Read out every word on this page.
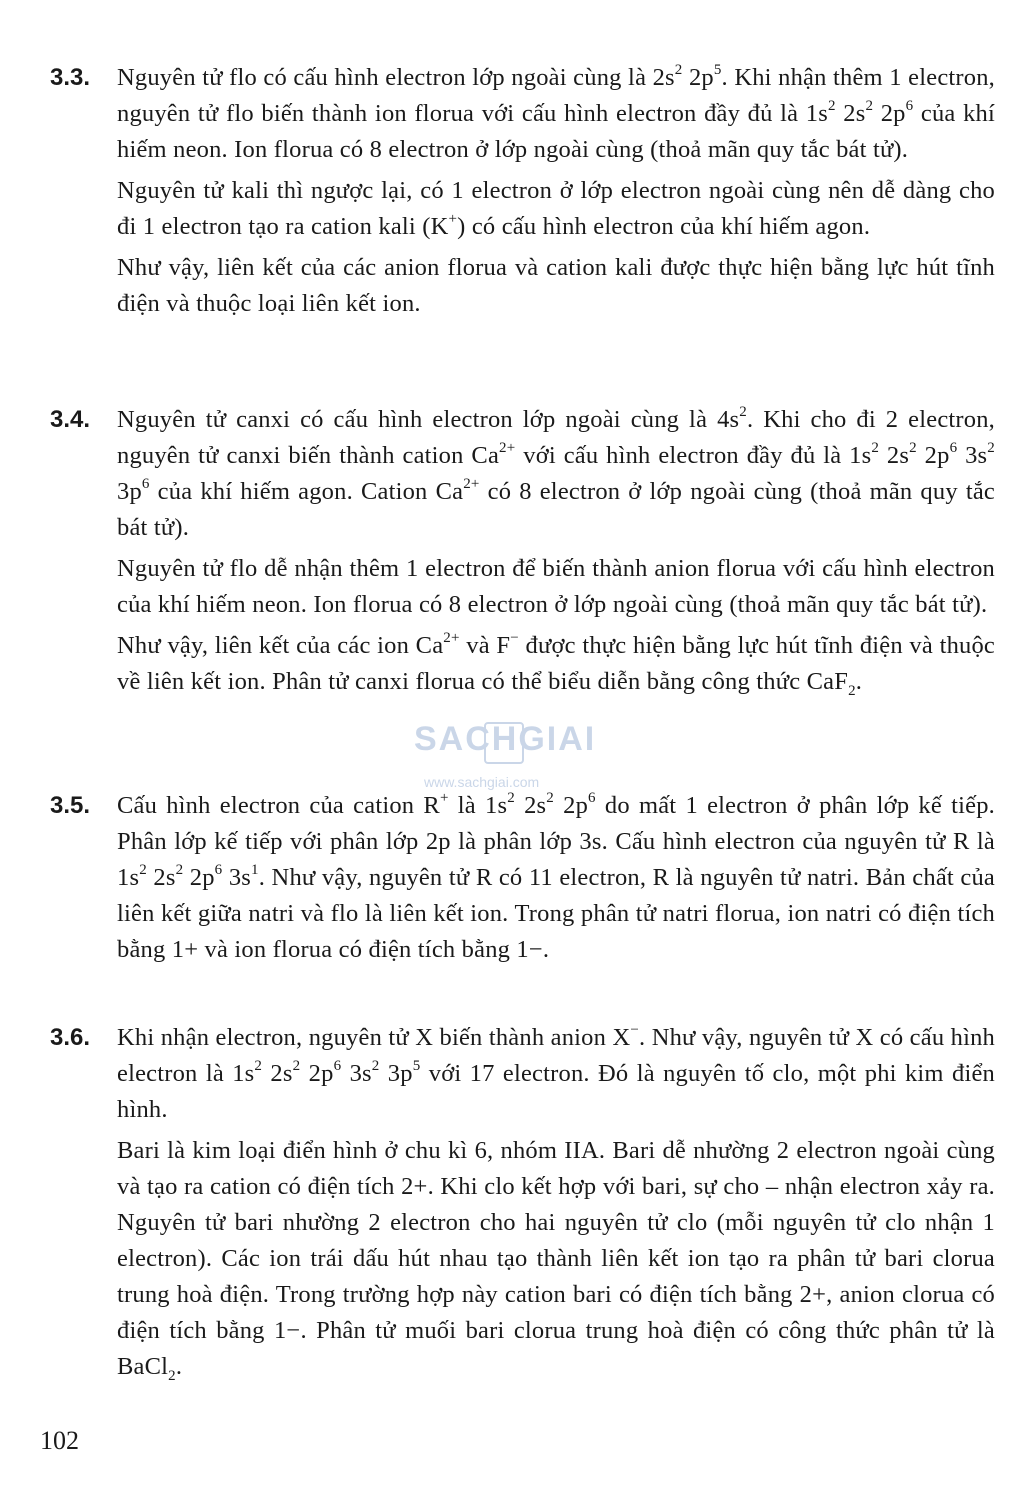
3.3.	Nguyên tử flo có cấu hình electron lớp ngoài cùng là $2s^2$ $2p^5$. Khi nhận thêm 1 electron, nguyên tử flo biến thành ion florua với cấu hình electron đầy đủ là $1s^2$ $2s^2$ $2p^6$ của khí hiếm neon. Ion florua có 8 electron ở lớp ngoài cùng (thoả mãn quy tắc bát tử).

Nguyên tử kali thì ngược lại, có 1 electron ở lớp electron ngoài cùng nên dễ dàng cho đi 1 electron tạo ra cation kali (K+) có cấu hình electron của khí hiếm agon.

Như vậy, liên kết của các anion florua và cation kali được thực hiện bằng lực hút tĩnh điện và thuộc loại liên kết ion.

3.4.	Nguyên tử canxi có cấu hình electron lớp ngoài cùng là $4s^2$. Khi cho đi 2 electron, nguyên tử canxi biến thành cation $Ca^{2+}$ với cấu hình electron đầy đủ là $1s^2$ $2s^2$ $2p^6$ $3s^2$ $3p^6$ của khí hiếm agon. Cation $Ca^{2+}$ có 8 electron ở lớp ngoài cùng (thoả mãn quy tắc bát tử).

Nguyên tử flo dễ nhận thêm 1 electron để biến thành anion florua với cấu hình electron của khí hiếm neon. Ion florua có 8 electron ở lớp ngoài cùng (thoả mãn quy tắc bát tử).

Như vậy, liên kết của các ion $Ca^{2+}$ và F− được thực hiện bằng lực hút tĩnh điện và thuộc về liên kết ion. Phân tử canxi florua có thể biểu diễn bằng công thức CaF$_2$.

3.5.	Cấu hình electron của cation R+ là $1s^2$ $2s^2$ $2p^6$ do mất 1 electron ở phân lớp kế tiếp. Phân lớp kế tiếp với phân lớp 2p là phân lớp 3s. Cấu hình electron của nguyên tử R là $1s^2$ $2s^2$ $2p^6$ $3s^1$. Như vậy, nguyên tử R có 11 electron, R là nguyên tử natri. Bản chất của liên kết giữa natri và flo là liên kết ion. Trong phân tử natri florua, ion natri có điện tích bằng 1+ và ion florua có điện tích bằng 1−.

3.6.	Khi nhận electron, nguyên tử X biến thành anion X−. Như vậy, nguyên tử X có cấu hình electron là $1s^2$ $2s^2$ $2p^6$ $3s^2$ $3p^5$ với 17 electron. Đó là nguyên tố clo, một phi kim điển hình.

Bari là kim loại điển hình ở chu kì 6, nhóm IIA. Bari dễ nhường 2 electron ngoài cùng và tạo ra cation có điện tích 2+. Khi clo kết hợp với bari, sự cho – nhận electron xảy ra. Nguyên tử bari nhường 2 electron cho hai nguyên tử clo (mỗi nguyên tử clo nhận 1 electron). Các ion trái dấu hút nhau tạo thành liên kết ion tạo ra phân tử bari clorua trung hoà điện. Trong trường hợp này cation bari có điện tích bằng 2+, anion clorua có điện tích bằng 1−. Phân tử muối bari clorua trung hoà điện có công thức phân tử là BaCl$_2$.

SACHGIAI
www.sachgiai.com
102
